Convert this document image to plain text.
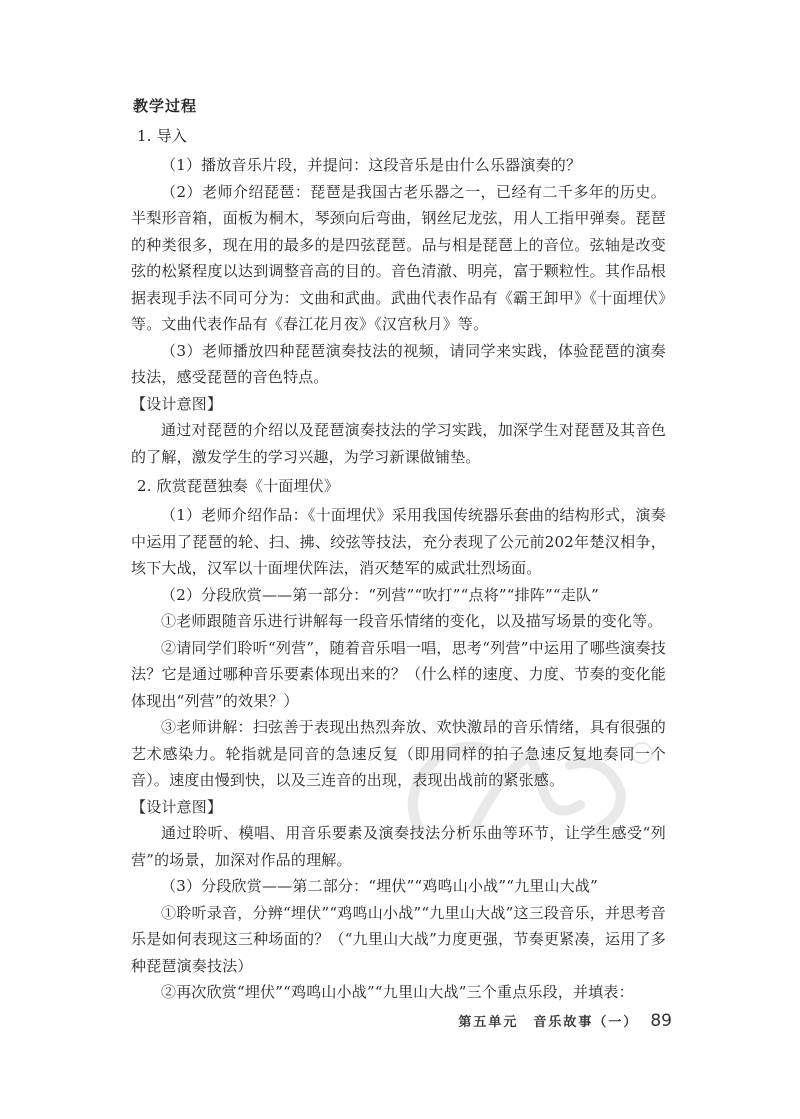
教学过程

1. 导入

（1）播放音乐片段，并提问：这段音乐是由什么乐器演奏的？

（2）老师介绍琵琶：琵琶是我国古老乐器之一，已经有二千多年的历史。半梨形音箱，面板为桐木，琴颈向后弯曲，钢丝尼龙弦，用人工指甲弹奏。琵琶的种类很多，现在用的最多的是四弦琵琶。品与相是琵琶上的音位。弦轴是改变弦的松紧程度以达到调整音高的目的。音色清澈、明亮，富于颗粒性。其作品根据表现手法不同可分为：文曲和武曲。武曲代表作品有《霸王卸甲》《十面埋伏》等。文曲代表作品有《春江花月夜》《汉宫秋月》等。

（3）老师播放四种琵琶演奏技法的视频，请同学来实践，体验琵琶的演奏技法，感受琵琶的音色特点。

【设计意图】

通过对琵琶的介绍以及琵琶演奏技法的学习实践，加深学生对琵琶及其音色的了解，激发学生的学习兴趣，为学习新课做铺垫。

2. 欣赏琵琶独奏《十面埋伏》

（1）老师介绍作品：《十面埋伏》采用我国传统器乐套曲的结构形式，演奏中运用了琵琶的轮、扫、拂、绞弦等技法，充分表现了公元前202年楚汉相争，垓下大战，汉军以十面埋伏阵法，消灭楚军的威武壮烈场面。

（2）分段欣赏——第一部分：“列营”“吹打”“点将”“排阵”“走队”

①老师跟随音乐进行讲解每一段音乐情绪的变化，以及描写场景的变化等。

②请同学们聆听“列营”，随着音乐唱一唱，思考“列营”中运用了哪些演奏技法？它是通过哪种音乐要素体现出来的？（什么样的速度、力度、节奏的变化能体现出“列营”的效果？）

③老师讲解：扫弦善于表现出热烈奔放、欢快激昂的音乐情绪，具有很强的艺术感染力。轮指就是同音的急速反复（即用同样的拍子急速反复地奏同一个音）。速度由慢到快，以及三连音的出现，表现出战前的紧张感。

【设计意图】

通过聆听、模唱、用音乐要素及演奏技法分析乐曲等环节，让学生感受“列营”的场景，加深对作品的理解。

（3）分段欣赏——第二部分：“埋伏”“鸡鸣山小战”“九里山大战”

①聆听录音，分辨“埋伏”“鸡鸣山小战”“九里山大战”这三段音乐，并思考音乐是如何表现这三种场面的？（“九里山大战”力度更强，节奏更紧凑，运用了多种琵琶演奏技法）

②再次欣赏“埋伏”“鸡鸣山小战”“九里山大战”三个重点乐段，并填表：

第五单元　音乐故事（一） 89
